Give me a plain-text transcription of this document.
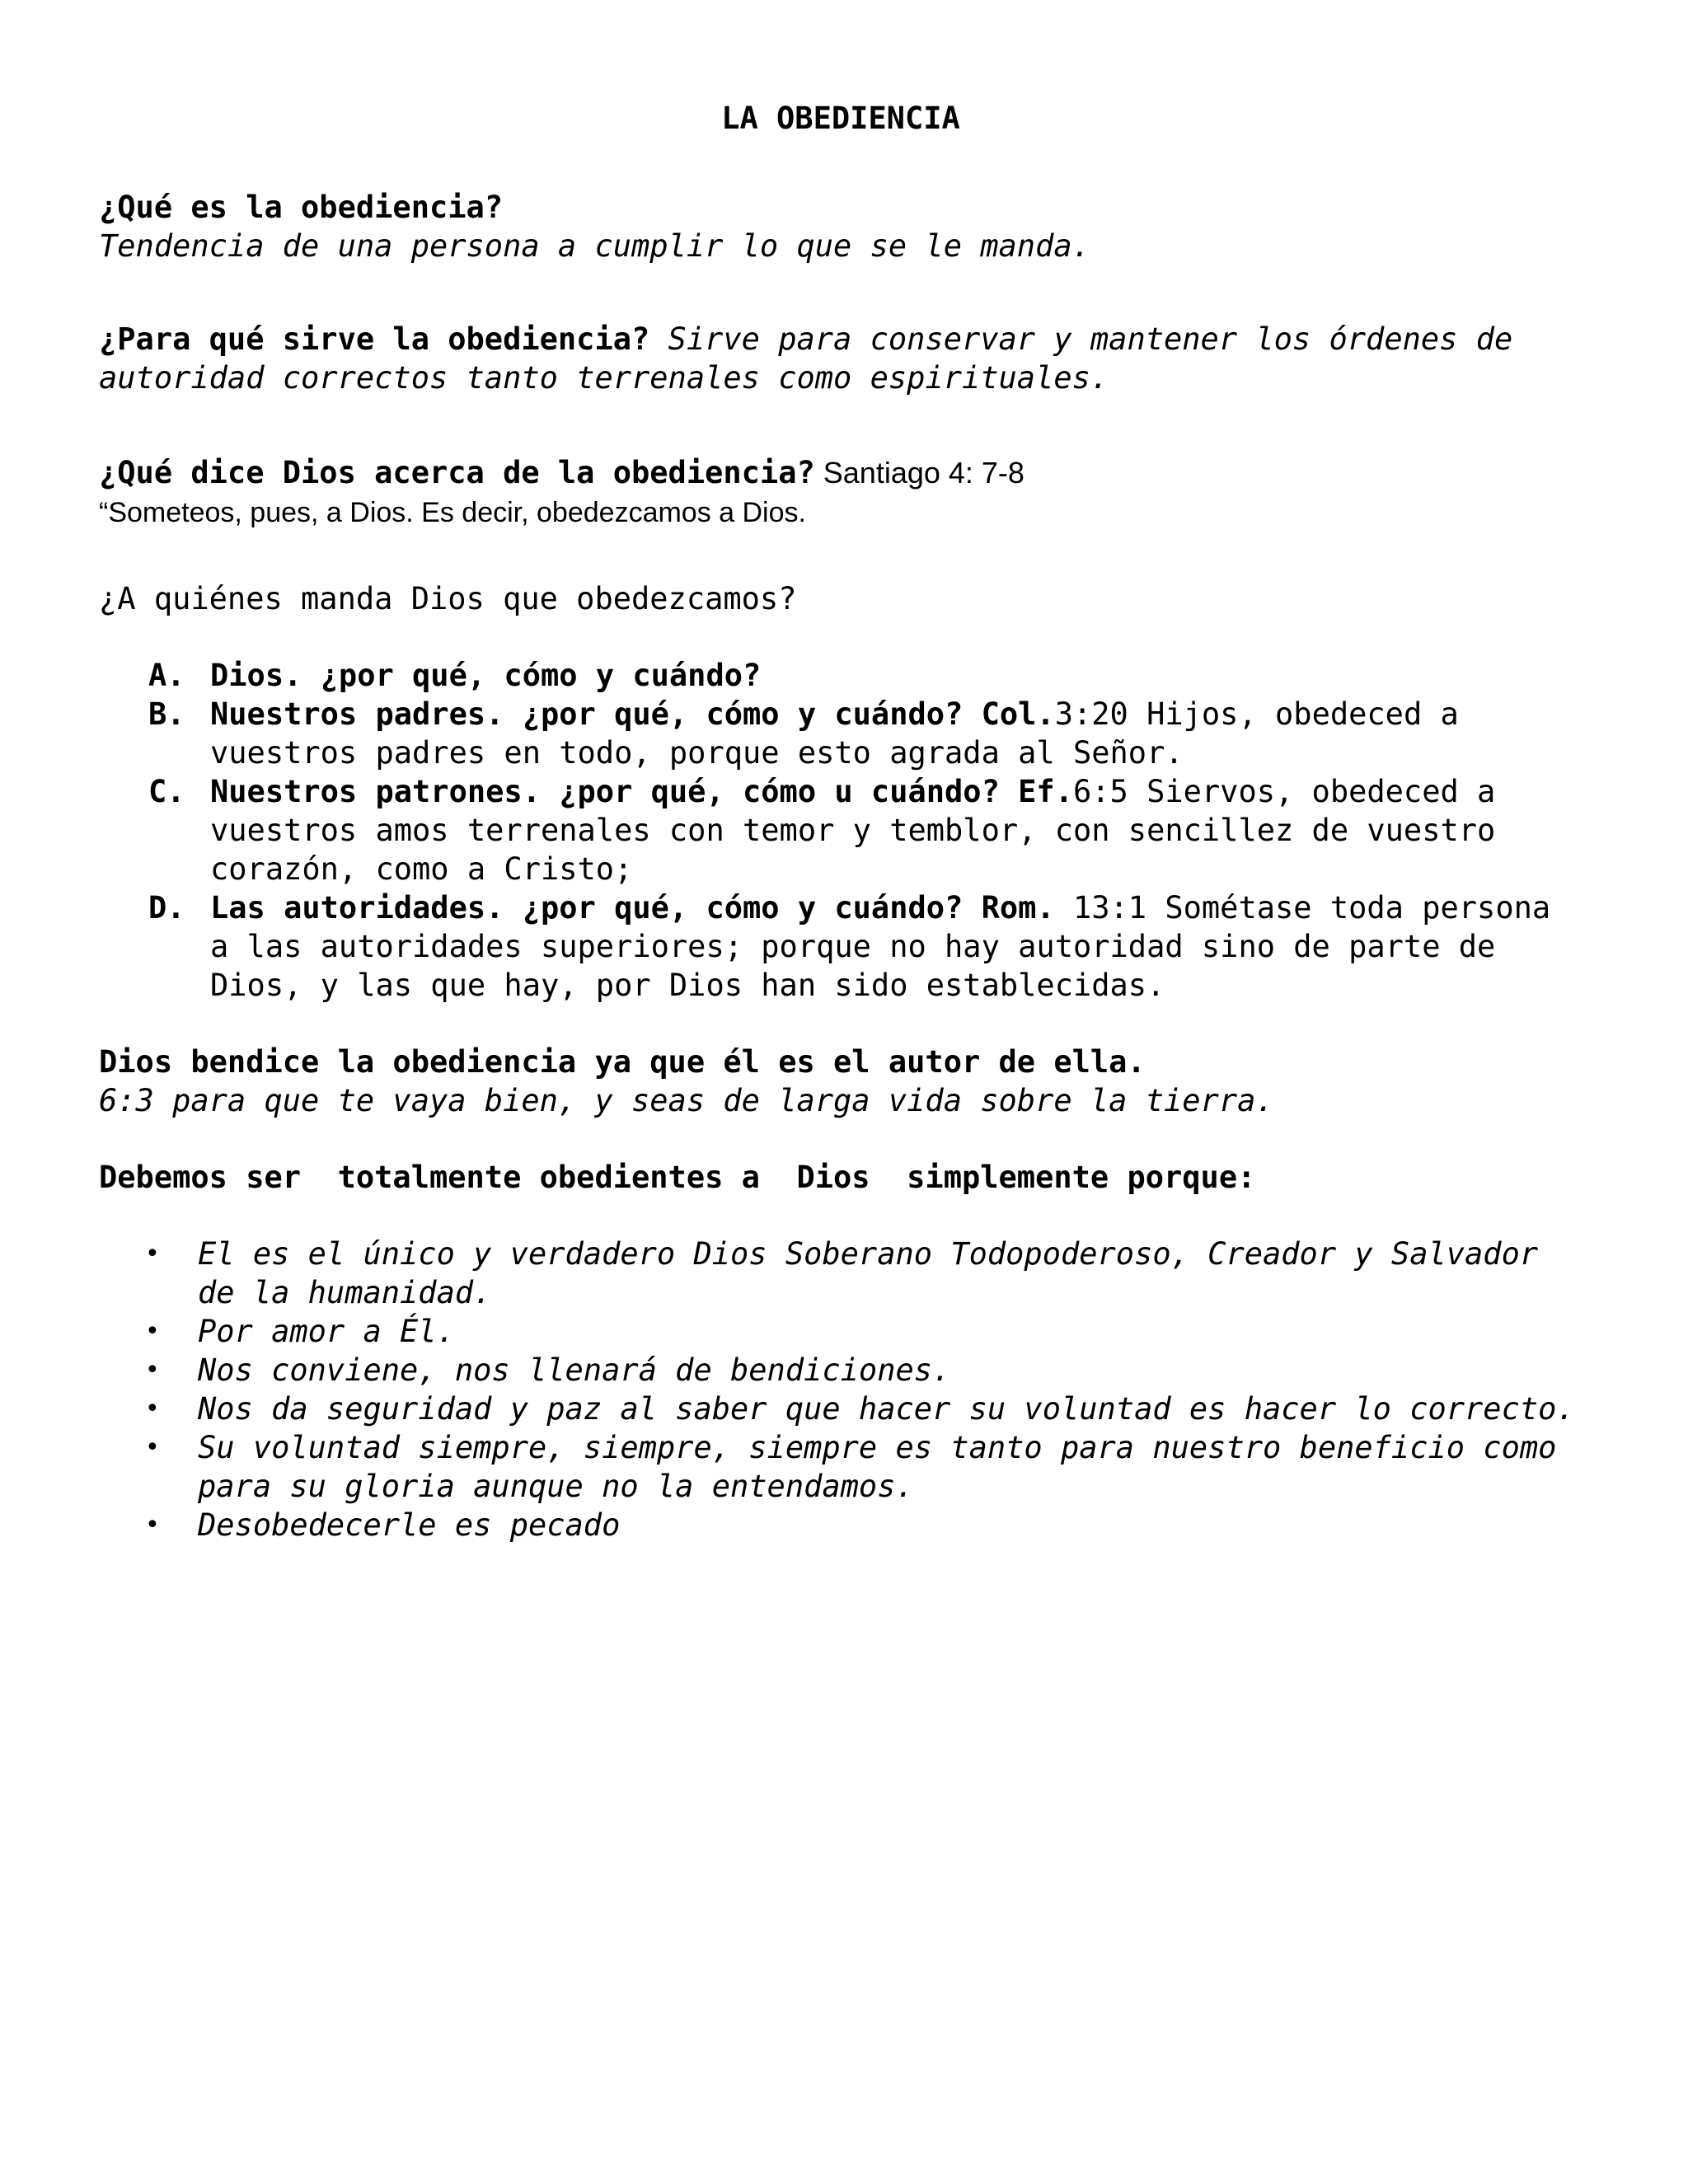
LA OBEDIENCIA
¿Qué es la obediencia?
Tendencia de una persona a cumplir lo que se le manda.
¿Para qué sirve la obediencia? Sirve para conservar y mantener los órdenes de autoridad correctos tanto terrenales como espirituales.
¿Qué dice Dios acerca de la obediencia? Santiago 4: 7-8
“Someteos, pues, a Dios. Es decir, obedezcamos a Dios.
¿A quiénes manda Dios que obedezcamos?
A. Dios. ¿por qué, cómo y cuándo?
B. Nuestros padres. ¿por qué, cómo y cuándo? Col.3:20 Hijos, obedeced a vuestros padres en todo, porque esto agrada al Señor.
C. Nuestros patrones. ¿por qué, cómo u cuándo? Ef.6:5 Siervos, obedeced a vuestros amos terrenales con temor y temblor, con sencillez de vuestro corazón, como a Cristo;
D. Las autoridades. ¿por qué, cómo y cuándo? Rom. 13:1 Sométase toda persona a las autoridades superiores; porque no hay autoridad sino de parte de Dios, y las que hay, por Dios han sido establecidas.
Dios bendice la obediencia ya que él es el autor de ella.
6:3 para que te vaya bien, y seas de larga vida sobre la tierra.
Debemos ser  totalmente obedientes a  Dios  simplemente porque:
• El es el único y verdadero Dios Soberano Todopoderoso, Creador y Salvador de la humanidad.
• Por amor a Él.
• Nos conviene, nos llenará de bendiciones.
• Nos da seguridad y paz al saber que hacer su voluntad es hacer lo correcto.
• Su voluntad siempre, siempre, siempre es tanto para nuestro beneficio como para su gloria aunque no la entendamos.
• Desobedecerle es pecado
